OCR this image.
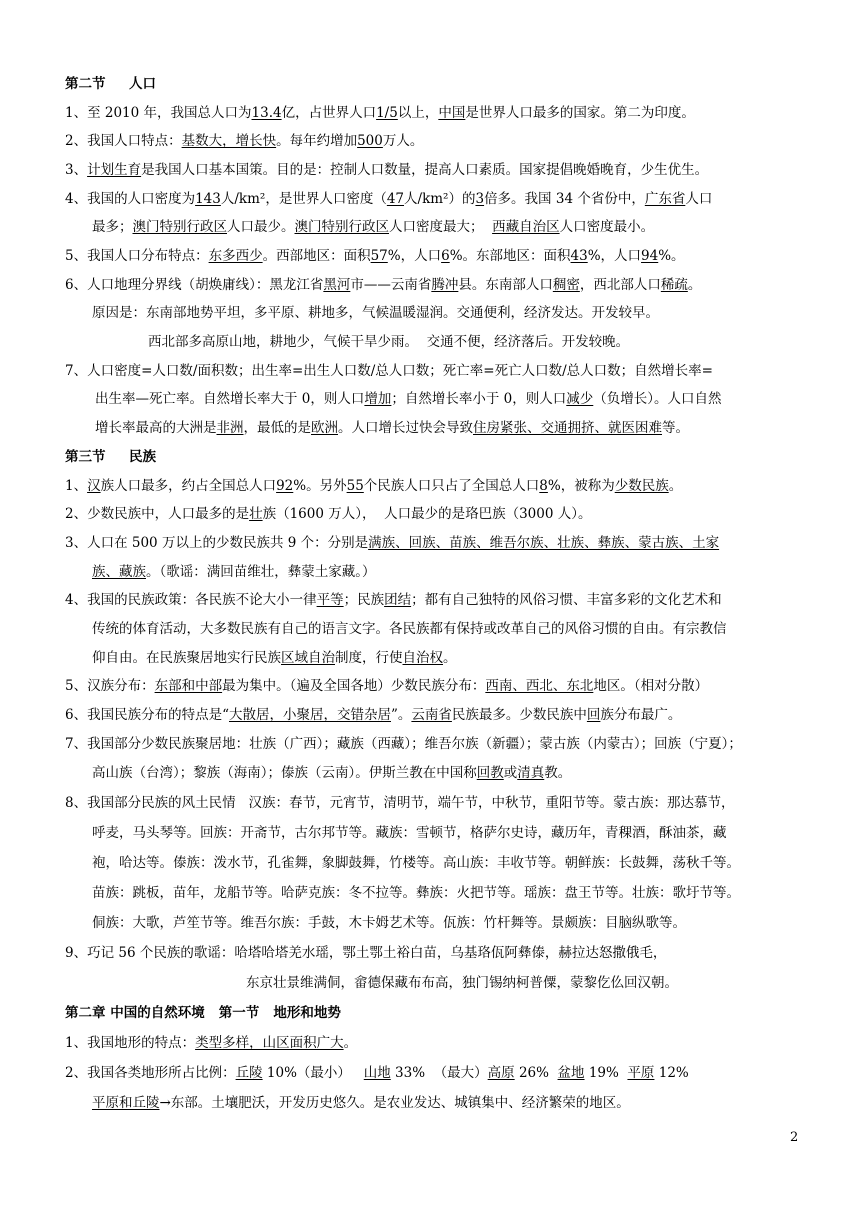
第二节     人口
1、至 2010 年，我国总人口为13.4亿，占世界人口1/5以上，中国是世界人口最多的国家。第二为印度。
2、我国人口特点：基数大，增长快。每年约增加500万人。
3、计划生育是我国人口基本国策。目的是：控制人口数量，提高人口素质。国家提倡晚婚晚育，少生优生。
4、我国的人口密度为143人/km²，是世界人口密度（47人/km²）的3倍多。我国 34 个省份中，广东省人口
最多；澳门特别行政区人口最少。澳门特别行政区人口密度最大；  西藏自治区人口密度最小。
5、我国人口分布特点：东多西少。西部地区：面积57%，人口6%。东部地区：面积43%，人口94%。
6、人口地理分界线（胡焕庸线）：黑龙江省黑河市——云南省腾冲县。东南部人口稠密，西北部人口稀疏。
原因是：东南部地势平坦，多平原、耕地多，气候温暖湿润。交通便利，经济发达。开发较早。
西北部多高原山地，耕地少，气候干旱少雨。  交通不便，经济落后。开发较晚。
7、人口密度=人口数/面积数；出生率=出生人口数/总人口数；死亡率=死亡人口数/总人口数；自然增长率=
出生率—死亡率。自然增长率大于 0，则人口增加；自然增长率小于 0，则人口减少（负增长）。人口自然
增长率最高的大洲是非洲，最低的是欧洲。人口增长过快会导致住房紧张、交通拥挤、就医困难等。
第三节     民族
1、汉族人口最多，约占全国总人口92%。另外55个民族人口只占了全国总人口8%，被称为少数民族。
2、少数民族中，人口最多的是壮族（1600 万人），  人口最少的是珞巴族（3000 人）。
3、人口在 500 万以上的少数民族共 9 个：分别是满族、回族、苗族、维吾尔族、壮族、彝族、蒙古族、土家
族、藏族。（歌谣：满回苗维壮，彝蒙土家藏。）
4、我国的民族政策：各民族不论大小一律平等；民族团结；都有自己独特的风俗习惯、丰富多彩的文化艺术和
传统的体育活动，大多数民族有自己的语言文字。各民族都有保持或改革自己的风俗习惯的自由。有宗教信
仰自由。在民族聚居地实行民族区域自治制度，行使自治权。
5、汉族分布：东部和中部最为集中。（遍及全国各地）少数民族分布：西南、西北、东北地区。（相对分散）
6、我国民族分布的特点是“大散居，小聚居，交错杂居”。云南省民族最多。少数民族中回族分布最广。
7、我国部分少数民族聚居地：壮族（广西）；藏族（西藏）；维吾尔族（新疆）；蒙古族（内蒙古）；回族（宁夏）；
高山族（台湾）；黎族（海南）；傣族（云南）。伊斯兰教在中国称回教或清真教。
8、我国部分民族的风土民情   汉族：春节，元宵节，清明节，端午节，中秋节，重阳节等。蒙古族：那达慕节，
呼麦，马头琴等。回族：开斋节，古尔邦节等。藏族：雪顿节，格萨尔史诗，藏历年，青稞酒，酥油茶，藏
袍，哈达等。傣族：泼水节，孔雀舞，象脚鼓舞，竹楼等。高山族：丰收节等。朝鲜族：长鼓舞，荡秋千等。
苗族：跳板，苗年，龙船节等。哈萨克族：冬不拉等。彝族：火把节等。瑶族：盘王节等。壮族：歌圩节等。
侗族：大歌，芦笙节等。维吾尔族：手鼓，木卡姆艺术等。佤族：竹杆舞等。景颇族：目脑纵歌等。
9、巧记 56 个民族的歌谣：哈塔哈塔羌水瑶，鄂土鄂土裕白苗，乌基珞佤阿彝傣，赫拉达怒撒俄毛，
东京壮景维满侗，畲德保藏布布高，独门锡纳柯普僳，蒙黎仡仫回汉朝。
第二章 中国的自然环境   第一节   地形和地势
1、我国地形的特点：类型多样，山区面积广大。
2、我国各类地形所占比例：丘陵 10%（最小）   山地 33%  （最大）高原 26%  盆地 19%  平原 12%
平原和丘陵→东部。土壤肥沃，开发历史悠久。是农业发达、城镇集中、经济繁荣的地区。
2
